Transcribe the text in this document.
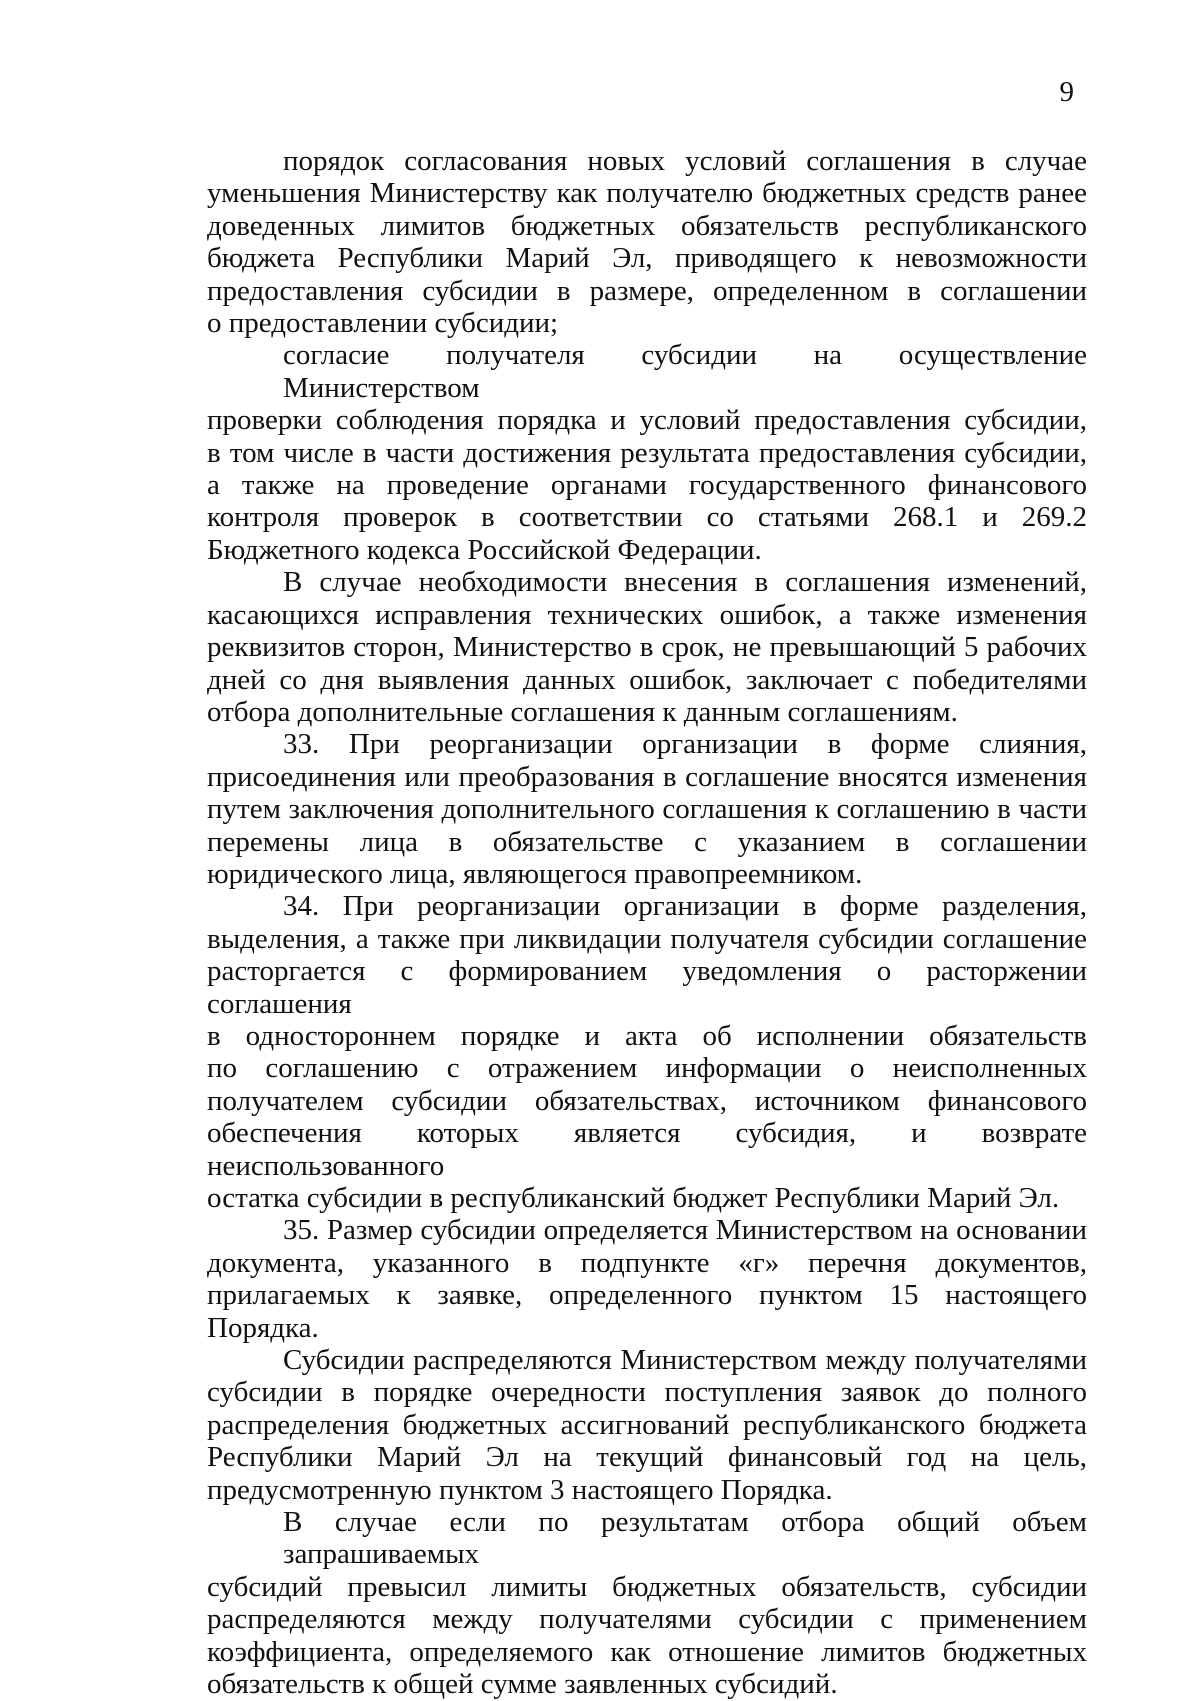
9
порядок согласования новых условий соглашения в случае
уменьшения Министерству как получателю бюджетных средств ранее
доведенных лимитов бюджетных обязательств республиканского
бюджета Республики Марий Эл, приводящего к невозможности
предоставления субсидии в размере, определенном в соглашении
о предоставлении субсидии;
согласие получателя субсидии на осуществление Министерством
проверки соблюдения порядка и условий предоставления субсидии,
в том числе в части достижения результата предоставления субсидии,
а также на проведение органами государственного финансового
контроля проверок в соответствии со статьями 268.1 и 269.2
Бюджетного кодекса Российской Федерации.
В случае необходимости внесения в соглашения изменений,
касающихся исправления технических ошибок, а также изменения
реквизитов сторон, Министерство в срок, не превышающий 5 рабочих
дней со дня выявления данных ошибок, заключает с победителями
отбора дополнительные соглашения к данным соглашениям.
33. При реорганизации организации в форме слияния,
присоединения или преобразования в соглашение вносятся изменения
путем заключения дополнительного соглашения к соглашению в части
перемены лица в обязательстве с указанием в соглашении
юридического лица, являющегося правопреемником.
34. При реорганизации организации в форме разделения,
выделения, а также при ликвидации получателя субсидии соглашение
расторгается с формированием уведомления о расторжении соглашения
в одностороннем порядке и акта об исполнении обязательств
по соглашению с отражением информации о неисполненных
получателем субсидии обязательствах, источником финансового
обеспечения которых является субсидия, и возврате неиспользованного
остатка субсидии в республиканский бюджет Республики Марий Эл.
35. Размер субсидии определяется Министерством на основании
документа, указанного в подпункте «г» перечня документов,
прилагаемых к заявке, определенного пунктом 15 настоящего Порядка.
Субсидии распределяются Министерством между получателями
субсидии в порядке очередности поступления заявок до полного
распределения бюджетных ассигнований республиканского бюджета
Республики Марий Эл на текущий финансовый год на цель,
предусмотренную пунктом 3 настоящего Порядка.
В случае если по результатам отбора общий объем запрашиваемых
субсидий превысил лимиты бюджетных обязательств, субсидии
распределяются между получателями субсидии с применением
коэффициента, определяемого как отношение лимитов бюджетных
обязательств к общей сумме заявленных субсидий.
